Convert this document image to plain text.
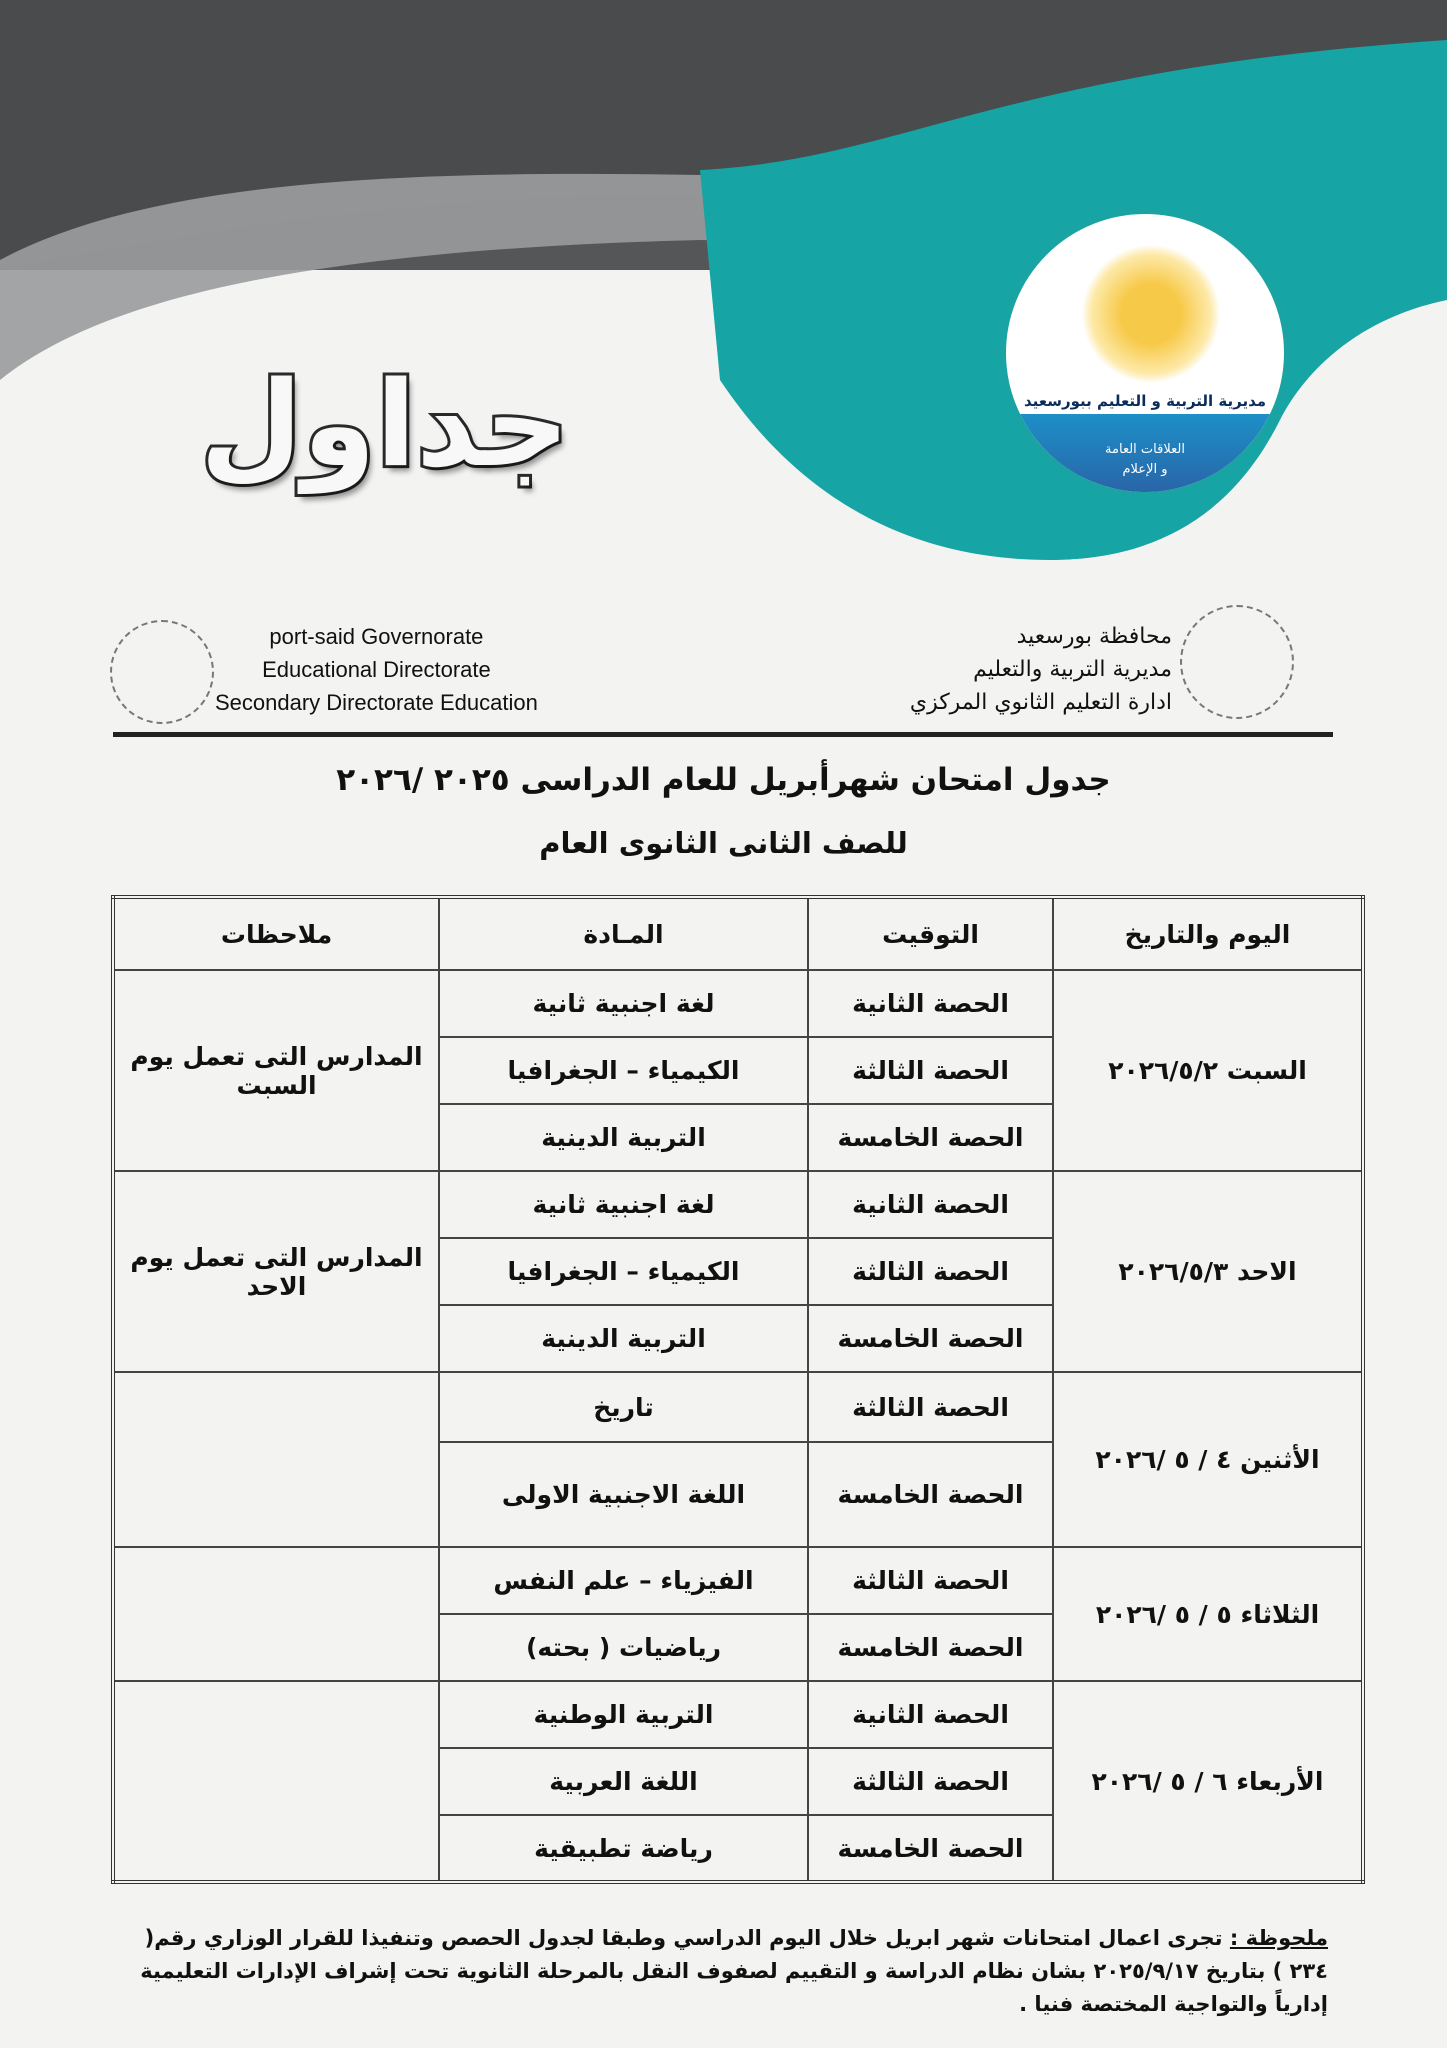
مديرية التربية و التعليم ببورسعيد
العلاقات العامة
و الإعلام
جداول
port-said Governorate
Educational Directorate
Secondary Directorate Education
محافظة بورسعيد
مديرية التربية والتعليم
ادارة التعليم الثانوي المركزي
جدول امتحان شهرأبريل للعام الدراسى ٢٠٢٥ /٢٠٢٦
للصف الثانى الثانوى العام
اليوم والتاريخ	التوقيت	المـادة	ملاحظات
السبت ٢٠٢٦/٥/٢	الحصة الثانية	لغة اجنبية ثانية	المدارس التى تعمل يوم السبت
	الحصة الثالثة	الكيمياء – الجغرافيا	
	الحصة الخامسة	التربية الدينية	
الاحد ٢٠٢٦/٥/٣	الحصة الثانية	لغة اجنبية ثانية	المدارس التى تعمل يوم الاحد
	الحصة الثالثة	الكيمياء – الجغرافيا	
	الحصة الخامسة	التربية الدينية	
الأثنين ٤ / ٥ /٢٠٢٦	الحصة الثالثة	تاريخ	
	الحصة الخامسة	اللغة الاجنبية الاولى	
الثلاثاء ٥ / ٥ /٢٠٢٦	الحصة الثالثة	الفيزياء – علم النفس	
	الحصة الخامسة	رياضيات ( بحته)	
الأربعاء ٦ / ٥ /٢٠٢٦	الحصة الثانية	التربية الوطنية	
	الحصة الثالثة	اللغة العربية	
	الحصة الخامسة	رياضة تطبيقية	
ملحوظة : تجرى اعمال امتحانات شهر ابريل خلال اليوم الدراسي وطبقا لجدول الحصص وتنفيذا للقرار الوزاري رقم( ٢٣٤ ) بتاريخ ٢٠٢٥/٩/١٧ بشان نظام الدراسة و التقييم لصفوف النقل بالمرحلة الثانوية تحت إشراف الإدارات التعليمية إدارياً والتواجية المختصة فنيا .
